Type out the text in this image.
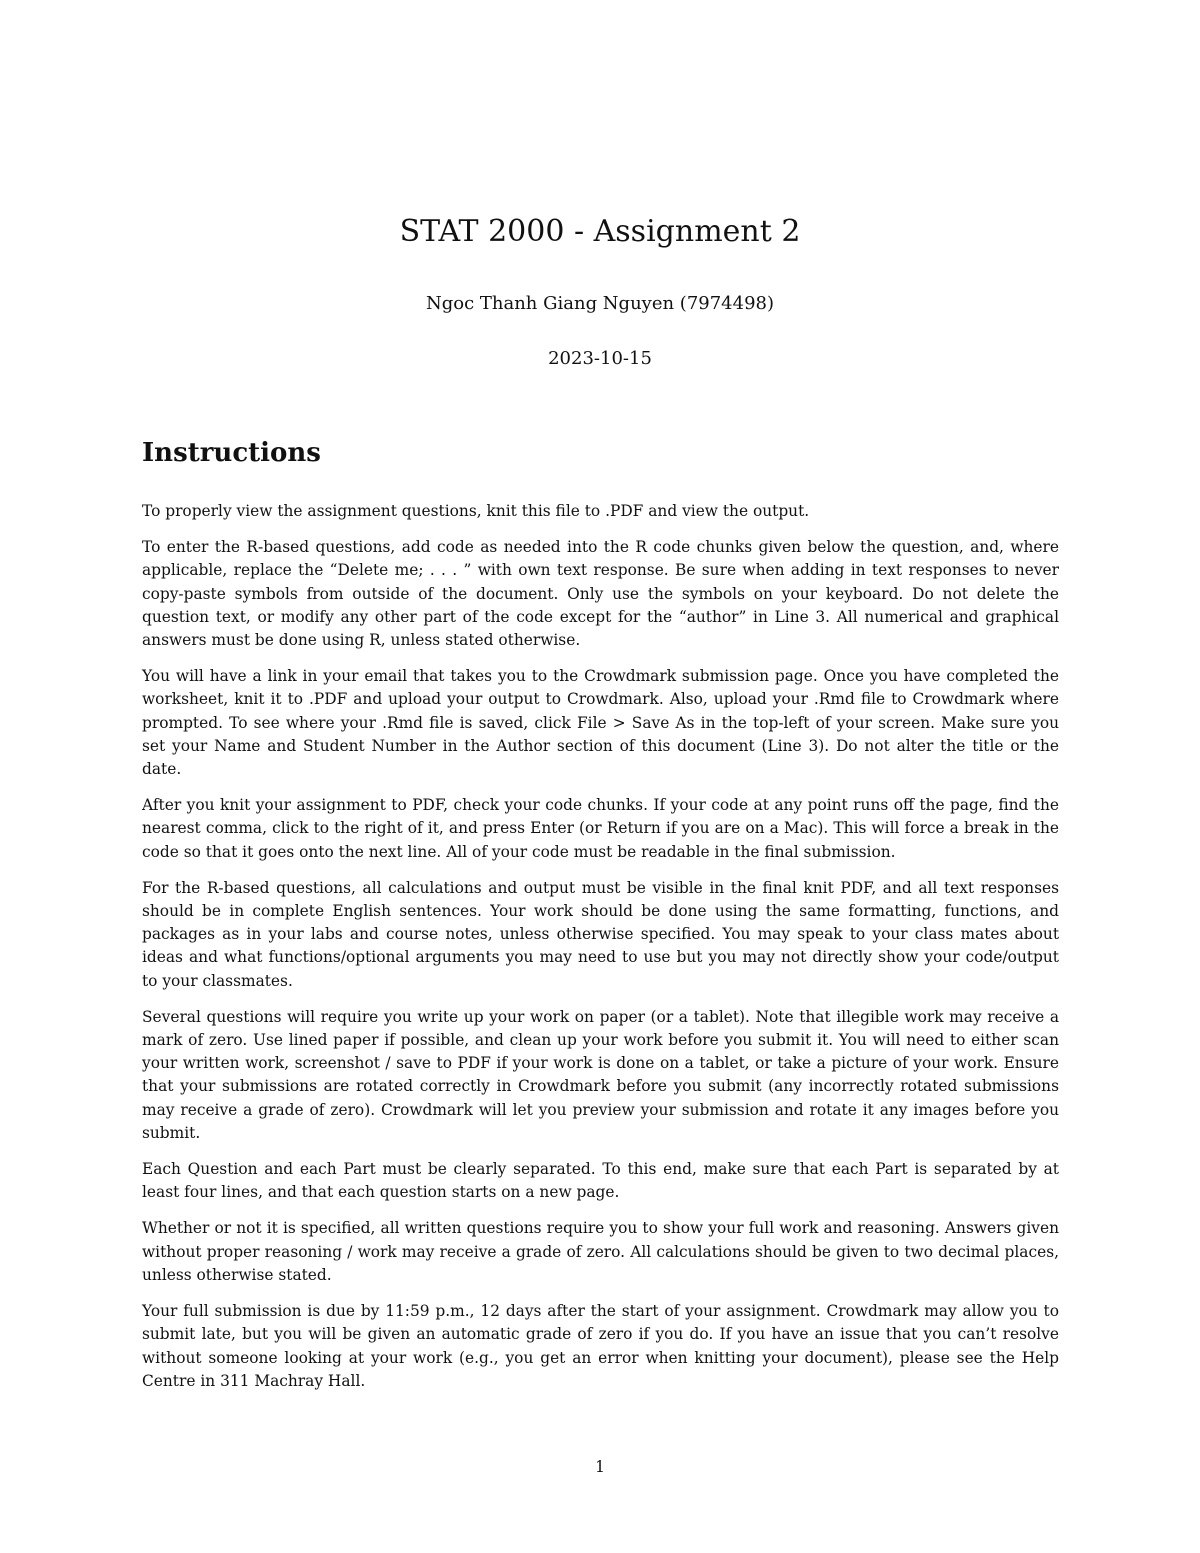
STAT 2000 - Assignment 2
Ngoc Thanh Giang Nguyen (7974498)
2023-10-15
Instructions

To properly view the assignment questions, knit this file to .PDF and view the output.

To enter the R-based questions, add code as needed into the R code chunks given below the question, and, where applicable, replace the “Delete me; . . . ” with own text response. Be sure when adding in text responses to never copy-paste symbols from outside of the document. Only use the symbols on your keyboard. Do not delete the question text, or modify any other part of the code except for the “author” in Line 3. All numerical and graphical answers must be done using R, unless stated otherwise.

You will have a link in your email that takes you to the Crowdmark submission page. Once you have completed the worksheet, knit it to .PDF and upload your output to Crowdmark. Also, upload your .Rmd file to Crowdmark where prompted. To see where your .Rmd file is saved, click File > Save As in the top-left of your screen. Make sure you set your Name and Student Number in the Author section of this document (Line 3). Do not alter the title or the date.

After you knit your assignment to PDF, check your code chunks. If your code at any point runs off the page, find the nearest comma, click to the right of it, and press Enter (or Return if you are on a Mac). This will force a break in the code so that it goes onto the next line. All of your code must be readable in the final submission.

For the R-based questions, all calculations and output must be visible in the final knit PDF, and all text responses should be in complete English sentences. Your work should be done using the same formatting, functions, and packages as in your labs and course notes, unless otherwise specified. You may speak to your class mates about ideas and what functions/optional arguments you may need to use but you may not directly show your code/output to your classmates.

Several questions will require you write up your work on paper (or a tablet). Note that illegible work may receive a mark of zero. Use lined paper if possible, and clean up your work before you submit it. You will need to either scan your written work, screenshot / save to PDF if your work is done on a tablet, or take a picture of your work. Ensure that your submissions are rotated correctly in Crowdmark before you submit (any incorrectly rotated submissions may receive a grade of zero). Crowdmark will let you preview your submission and rotate it any images before you submit.

Each Question and each Part must be clearly separated. To this end, make sure that each Part is separated by at least four lines, and that each question starts on a new page.

Whether or not it is specified, all written questions require you to show your full work and reasoning. Answers given without proper reasoning / work may receive a grade of zero. All calculations should be given to two decimal places, unless otherwise stated.

Your full submission is due by 11:59 p.m., 12 days after the start of your assignment. Crowdmark may allow you to submit late, but you will be given an automatic grade of zero if you do. If you have an issue that you can’t resolve without someone looking at your work (e.g., you get an error when knitting your document), please see the Help Centre in 311 Machray Hall.

1
